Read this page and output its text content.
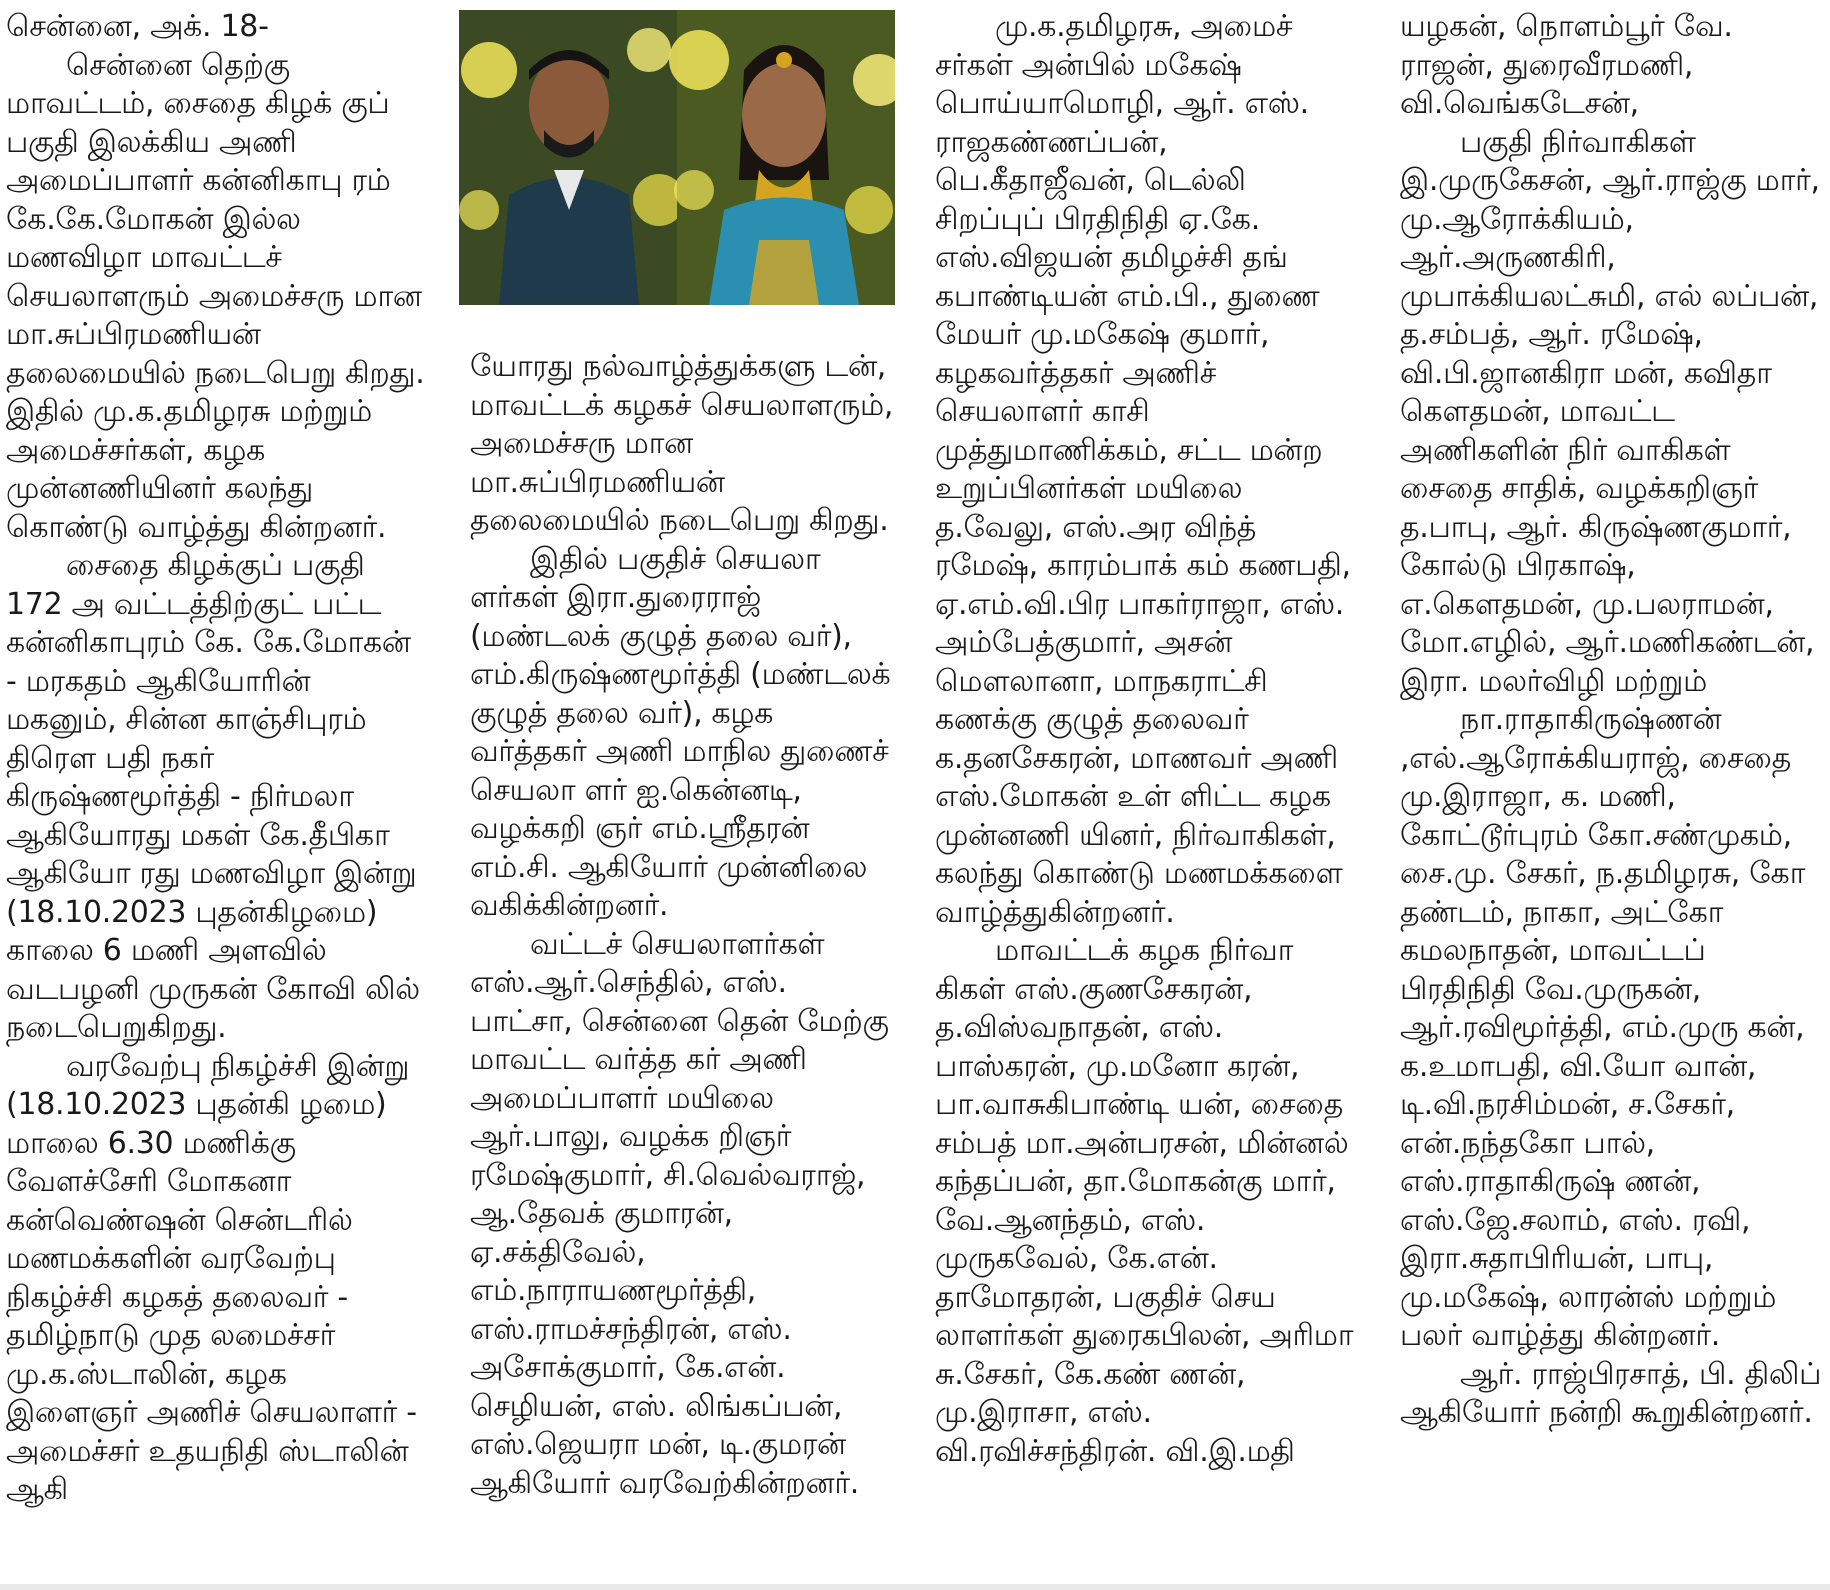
சென்னை, அக். 18-

சென்னை தெற்கு மாவட்டம், சைதை கிழக் குப் பகுதி இலக்கிய அணி அமைப்பாளர் கன்னிகாபு ரம் கே.கே.மோகன் இல்ல மணவிழா மாவட்டச் செயலாளரும் அமைச்சரு மான மா.சுப்பிரமணியன் தலைமையில் நடைபெறு கிறது. இதில் மு.க.தமிழரசு மற்றும் அமைச்சர்கள், கழக முன்னணியினர் கலந்து கொண்டு வாழ்த்து கின்றனர்.

சைதை கிழக்குப் பகுதி 172 அ வட்டத்திற்குட் பட்ட கன்னிகாபுரம் கே. கே.மோகன் - மரகதம் ஆகியோரின் மகனும், சின்ன காஞ்சிபுரம் திரௌ பதி நகர் கிருஷ்ணமூர்த்தி - நிர்மலா ஆகியோரது மகள் கே.தீபிகா ஆகியோ ரது மணவிழா இன்று (18.10.2023 புதன்கிழமை) காலை 6 மணி அளவில் வடபழனி முருகன் கோவி லில் நடைபெறுகிறது.

வரவேற்பு நிகழ்ச்சி இன்று (18.10.2023 புதன்கி ழமை) மாலை 6.30 மணிக்கு வேளச்சேரி மோகனா கன்வெண்ஷன் சென்டரில் மணமக்களின் வரவேற்பு நிகழ்ச்சி கழகத் தலைவர் - தமிழ்நாடு முத லமைச்சர் மு.க.ஸ்டாலின், கழக இளைஞர் அணிச் செயலாளர் - அமைச்சர் உதயநிதி ஸ்டாலின் ஆகி

யோரது நல்வாழ்த்துக்களு டன், மாவட்டக் கழகச் செயலாளரும், அமைச்சரு மான மா.சுப்பிரமணியன் தலைமையில் நடைபெறு கிறது.

இதில் பகுதிச் செயலா ளர்கள் இரா.துரைராஜ் (மண்டலக் குழுத் தலை வர்), எம்.கிருஷ்ணமூர்த்தி (மண்டலக் குழுத் தலை வர்), கழக வர்த்தகர் அணி மாநில துணைச் செயலா ளர் ஐ.கென்னடி, வழக்கறி ஞர் எம்.ஸ்ரீதரன் எம்.சி. ஆகியோர் முன்னிலை வகிக்கின்றனர்.

வட்டச் செயலாளர்கள் எஸ்.ஆர்.செந்தில், எஸ். பாட்சா, சென்னை தென் மேற்கு மாவட்ட வர்த்த கர் அணி அமைப்பாளர் மயிலை ஆர்.பாலு, வழக்க றிஞர் ரமேஷ்குமார், சி.வெல்வராஜ், ஆ.தேவக் குமாரன், ஏ.சக்திவேல், எம்.நாராயணமூர்த்தி, எஸ்.ராமச்சந்திரன், எஸ். அசோக்குமார், கே.என். செழியன், எஸ். லிங்கப்பன், எஸ்.ஜெயரா மன், டி.குமரன் ஆகியோர் வரவேற்கின்றனர்.

மு.க.தமிழரசு, அமைச் சர்கள் அன்பில் மகேஷ் பொய்யாமொழி, ஆர். எஸ். ராஜகண்ணப்பன், பெ.கீதாஜீவன், டெல்லி சிறப்புப் பிரதிநிதி ஏ.கே. எஸ்.விஜயன் தமிழச்சி தங் கபாண்டியன் எம்.பி., துணை மேயர் மு.மகேஷ் குமார், கழகவர்த்தகர் அணிச் செயலாளர் காசி முத்துமாணிக்கம், சட்ட மன்ற உறுப்பினர்கள் மயிலை த.வேலு, எஸ்.அர விந்த் ரமேஷ், காரம்பாக் கம் கணபதி, ஏ.எம்.வி.பிர பாகர்ராஜா, எஸ். அம்பேத்குமார், அசன் மௌலானா, மாநகராட்சி கணக்கு குழுத் தலைவர் க.தனசேகரன், மாணவர் அணி எஸ்.மோகன் உள் ளிட்ட கழக முன்னணி யினர், நிர்வாகிகள், கலந்து கொண்டு மணமக்களை வாழ்த்துகின்றனர்.

மாவட்டக் கழக நிர்வா கிகள் எஸ்.குணசேகரன், த.விஸ்வநாதன், எஸ். பாஸ்கரன், மு.மனோ கரன், பா.வாசுகிபாண்டி யன், சைதை சம்பத் மா.அன்பரசன், மின்னல் கந்தப்பன், தா.மோகன்கு மார், வே.ஆனந்தம், எஸ். முருகவேல், கே.என். தாமோதரன், பகுதிச் செய லாளர்கள் துரைகபிலன், அரிமா சு.சேகர், கே.கண் ணன், மு.இராசா, எஸ். வி.ரவிச்சந்திரன். வி.இ.மதி

யழகன், நொளம்பூர் வே. ராஜன், துரைவீரமணி, வி.வெங்கடேசன்,

பகுதி நிர்வாகிகள் இ.முருகேசன், ஆர்.ராஜ்கு மார், மு.ஆரோக்கியம், ஆர்.அருணகிரி, முபாக்கியலட்சுமி, எல் லப்பன், த.சம்பத், ஆர். ரமேஷ், வி.பி.ஜானகிரா மன், கவிதா கௌதமன், மாவட்ட அணிகளின் நிர் வாகிகள் சைதை சாதிக், வழக்கறிஞர் த.பாபு, ஆர். கிருஷ்ணகுமார், கோல்டு பிரகாஷ், எ.கௌதமன், மு.பலராமன், மோ.எழில், ஆர்.மணிகண்டன், இரா. மலர்விழி மற்றும்

நா.ராதாகிருஷ்ணன் ,எல்.ஆரோக்கியராஜ், சைதை மு.இராஜா, க. மணி, கோட்டூர்புரம் கோ.சண்முகம், சை.மு. சேகர், ந.தமிழரசு, கோ தண்டம், நாகா, அட்கோ கமலநாதன், மாவட்டப் பிரதிநிதி வே.முருகன், ஆர்.ரவிமூர்த்தி, எம்.முரு கன், க.உமாபதி, வி.யோ வான், டி.வி.நரசிம்மன், ச.சேகர், என்.நந்தகோ பால், எஸ்.ராதாகிருஷ் ணன், எஸ்.ஜே.சலாம், எஸ். ரவி, இரா.சுதாபிரியன், பாபு, மு.மகேஷ், லாரன்ஸ் மற்றும் பலர் வாழ்த்து கின்றனர்.

ஆர். ராஜ்பிரசாத், பி. திலிப் ஆகியோர் நன்றி கூறுகின்றனர்.
